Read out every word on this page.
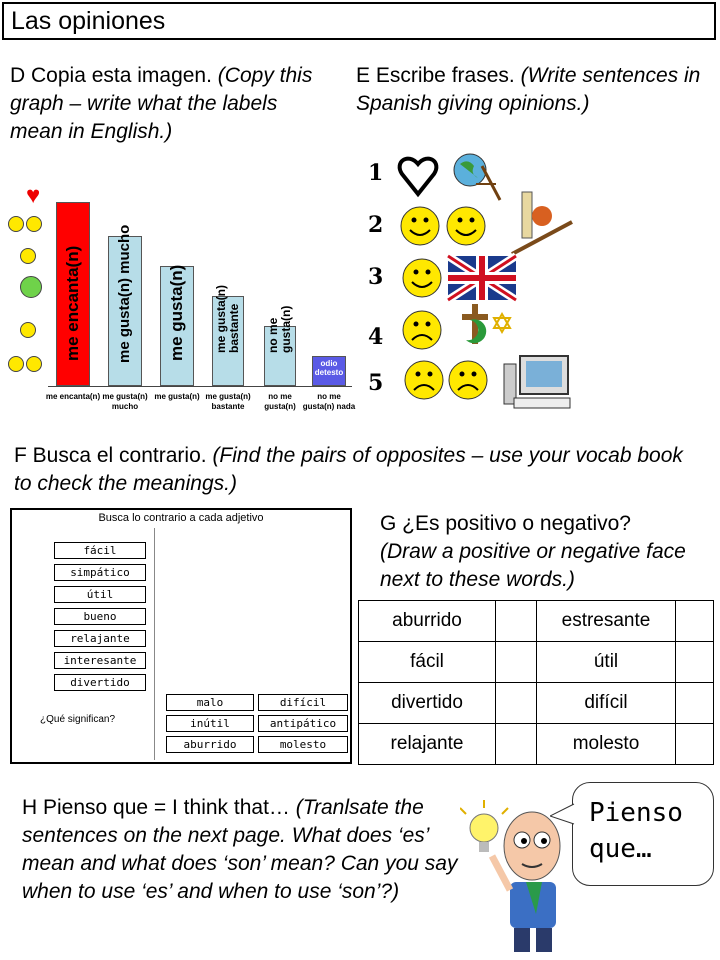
Las opiniones
D Copia esta imagen. (Copy this graph – write what the labels mean in English.)
♥
me encanta(n)
me encanta(n)
me gusta(n) mucho
me gusta(n) mucho
me gusta(n)
me gusta(n)
me gusta(n) bastante
me gusta(n) bastante
no me gusta(n)
no me gusta(n)
odio detesto
no me gusta(n) nada
E Escribe frases. (Write sentences in Spanish giving opinions.)
1
2
3
4
5
F Busca el contrario. (Find the pairs of opposites – use your vocab book to check the meanings.)
Busca lo contrario a cada adjetivo
fácil
simpático
útil
bueno
relajante
interesante
divertido
¿Qué significan?
malo	difícil
inútil	antipático
aburrido	molesto
G ¿Es positivo o negativo?
(Draw a positive or negative face next to these words.)
aburrido		estresante	
fácil		útil	
divertido		difícil	
relajante		molesto	
H Pienso que = I think that… (Tranlsate the sentences on the next page. What does ‘es’ mean and what does ‘son’ mean? Can you say when to use ‘es’ and when to use ‘son’?)
Pienso que…
